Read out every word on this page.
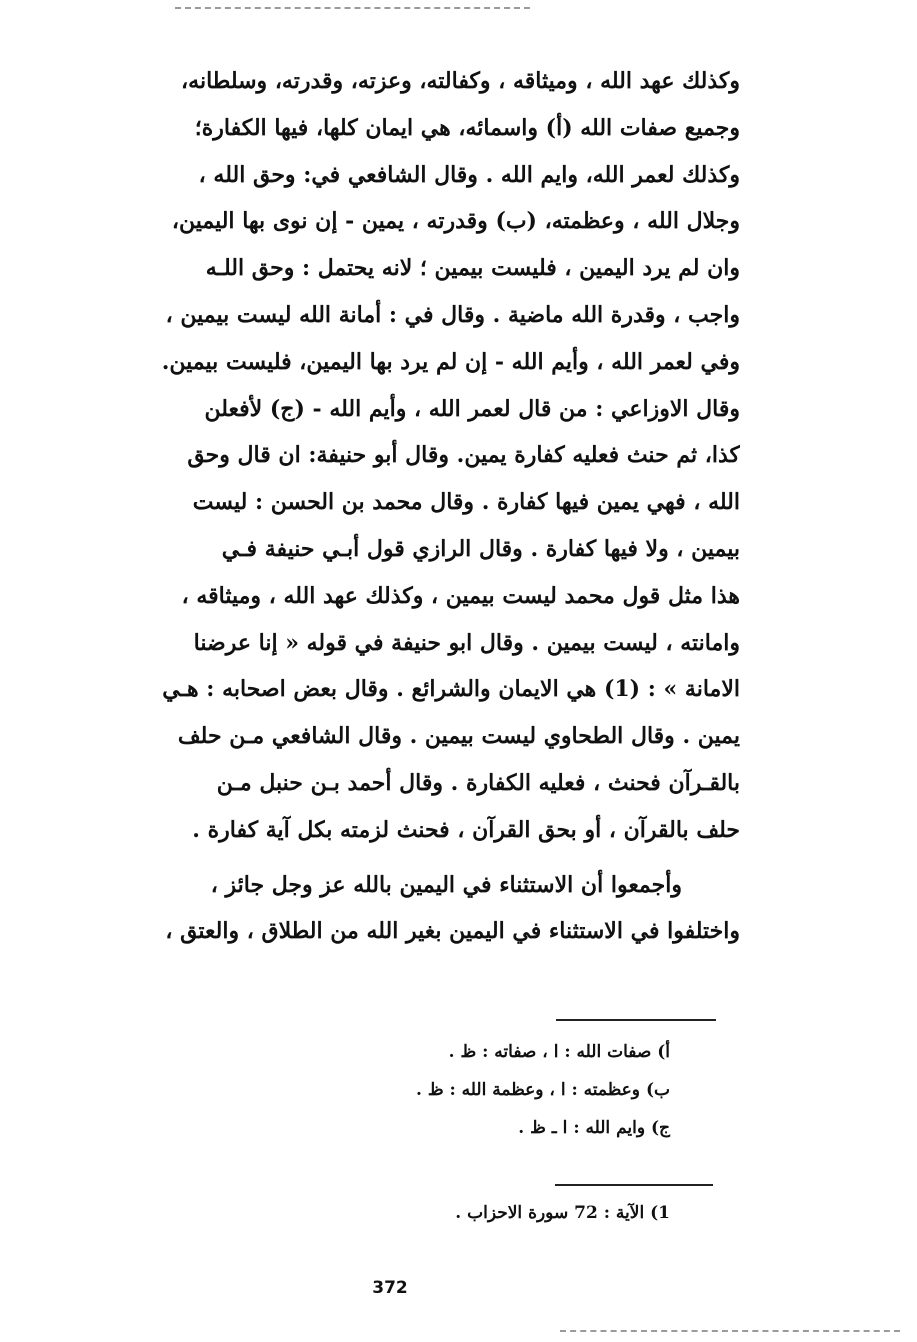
وكذلك عهد الله ، وميثاقه ، وكفالته، وعزته، وقدرته، وسلطانه،
وجميع صفات الله (أ) واسمائه، هي ايمان كلها، فيها الكفارة؛
وكذلك لعمر الله، وايم الله . وقال الشافعي في: وحق الله ،
وجلال الله ، وعظمته، (ب) وقدرته ، يمين - إن نوى بها اليمين،
وان لم يرد اليمين ، فليست بيمين ؛ لانه يحتمل : وحق اللـه
واجب ، وقدرة الله ماضية . وقال في : أمانة الله ليست بيمين ،
وفي لعمر الله ، وأيم الله - إن لم يرد بها اليمين، فليست بيمين.
وقال الاوزاعي : من قال لعمر الله ، وأيم الله - (ج) لأفعلن
كذا، ثم حنث فعليه كفارة يمين. وقال أبو حنيفة: ان قال وحق
الله ، فهي يمين فيها كفارة . وقال محمد بن الحسن : ليست
بيمين ، ولا فيها كفارة . وقال الرازي قول أبـي حنيفة فـي
هذا مثل قول محمد ليست بيمين ، وكذلك عهد الله ، وميثاقه ،
وامانته ، ليست بيمين . وقال ابو حنيفة في قوله « إنا عرضنا
الامانة » : (1) هي الايمان والشرائع . وقال بعض اصحابه : هـي
يمين . وقال الطحاوي ليست بيمين . وقال الشافعي مـن حلف
بالقـرآن فحنث ، فعليه الكفارة . وقال أحمد بـن حنبل مـن
حلف بالقرآن ، أو بحق القرآن ، فحنث لزمته بكل آية كفارة .
وأجمعوا أن الاستثناء في اليمين بالله عز وجل جائز ،
واختلفوا في الاستثناء في اليمين بغير الله من الطلاق ، والعتق ،
أ) صفات الله : ا ، صفاته : ظ .
ب) وعظمته : ا ، وعظمة الله : ظ .
ج) وايم الله : ا ـ ظ .
1) الآية : 72 سورة الاحزاب .
372
